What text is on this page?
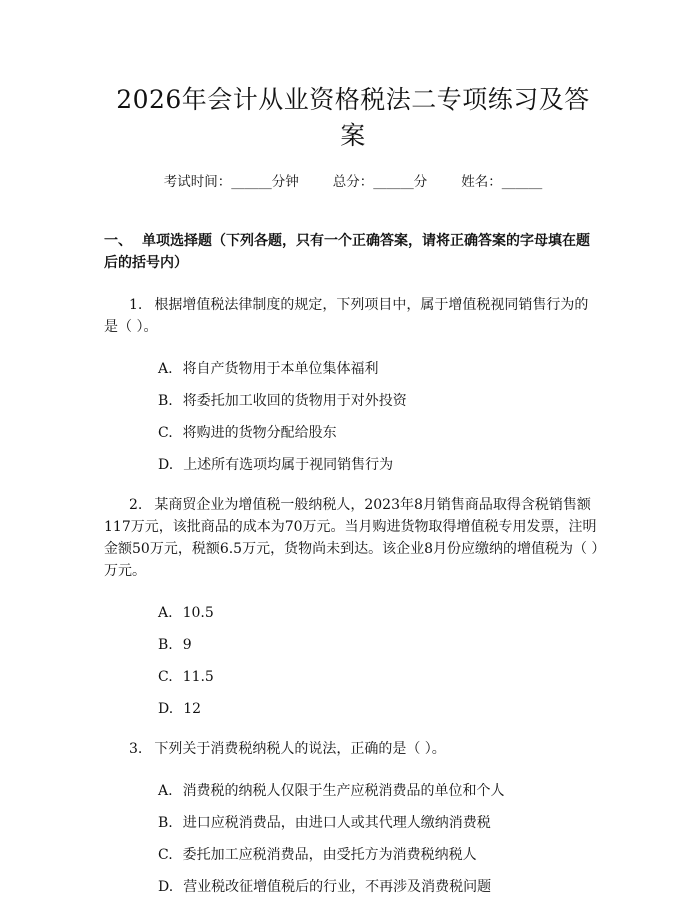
2026年会计从业资格税法二专项练习及答案
考试时间：______分钟	总分：______分	姓名：______
一、 单项选择题（下列各题，只有一个正确答案，请将正确答案的字母填在题后的括号内）
1. 根据增值税法律制度的规定，下列项目中，属于增值税视同销售行为的是（ ）。
A. 将自产货物用于本单位集体福利
B. 将委托加工收回的货物用于对外投资
C. 将购进的货物分配给股东
D. 上述所有选项均属于视同销售行为
2. 某商贸企业为增值税一般纳税人，2023年8月销售商品取得含税销售额117万元，该批商品的成本为70万元。当月购进货物取得增值税专用发票，注明金额50万元，税额6.5万元，货物尚未到达。该企业8月份应缴纳的增值税为（ ）万元。
A. 10.5
B. 9
C. 11.5
D. 12
3. 下列关于消费税纳税人的说法，正确的是（ ）。
A. 消费税的纳税人仅限于生产应税消费品的单位和个人
B. 进口应税消费品，由进口人或其代理人缴纳消费税
C. 委托加工应税消费品，由受托方为消费税纳税人
D. 营业税改征增值税后的行业，不再涉及消费税问题
